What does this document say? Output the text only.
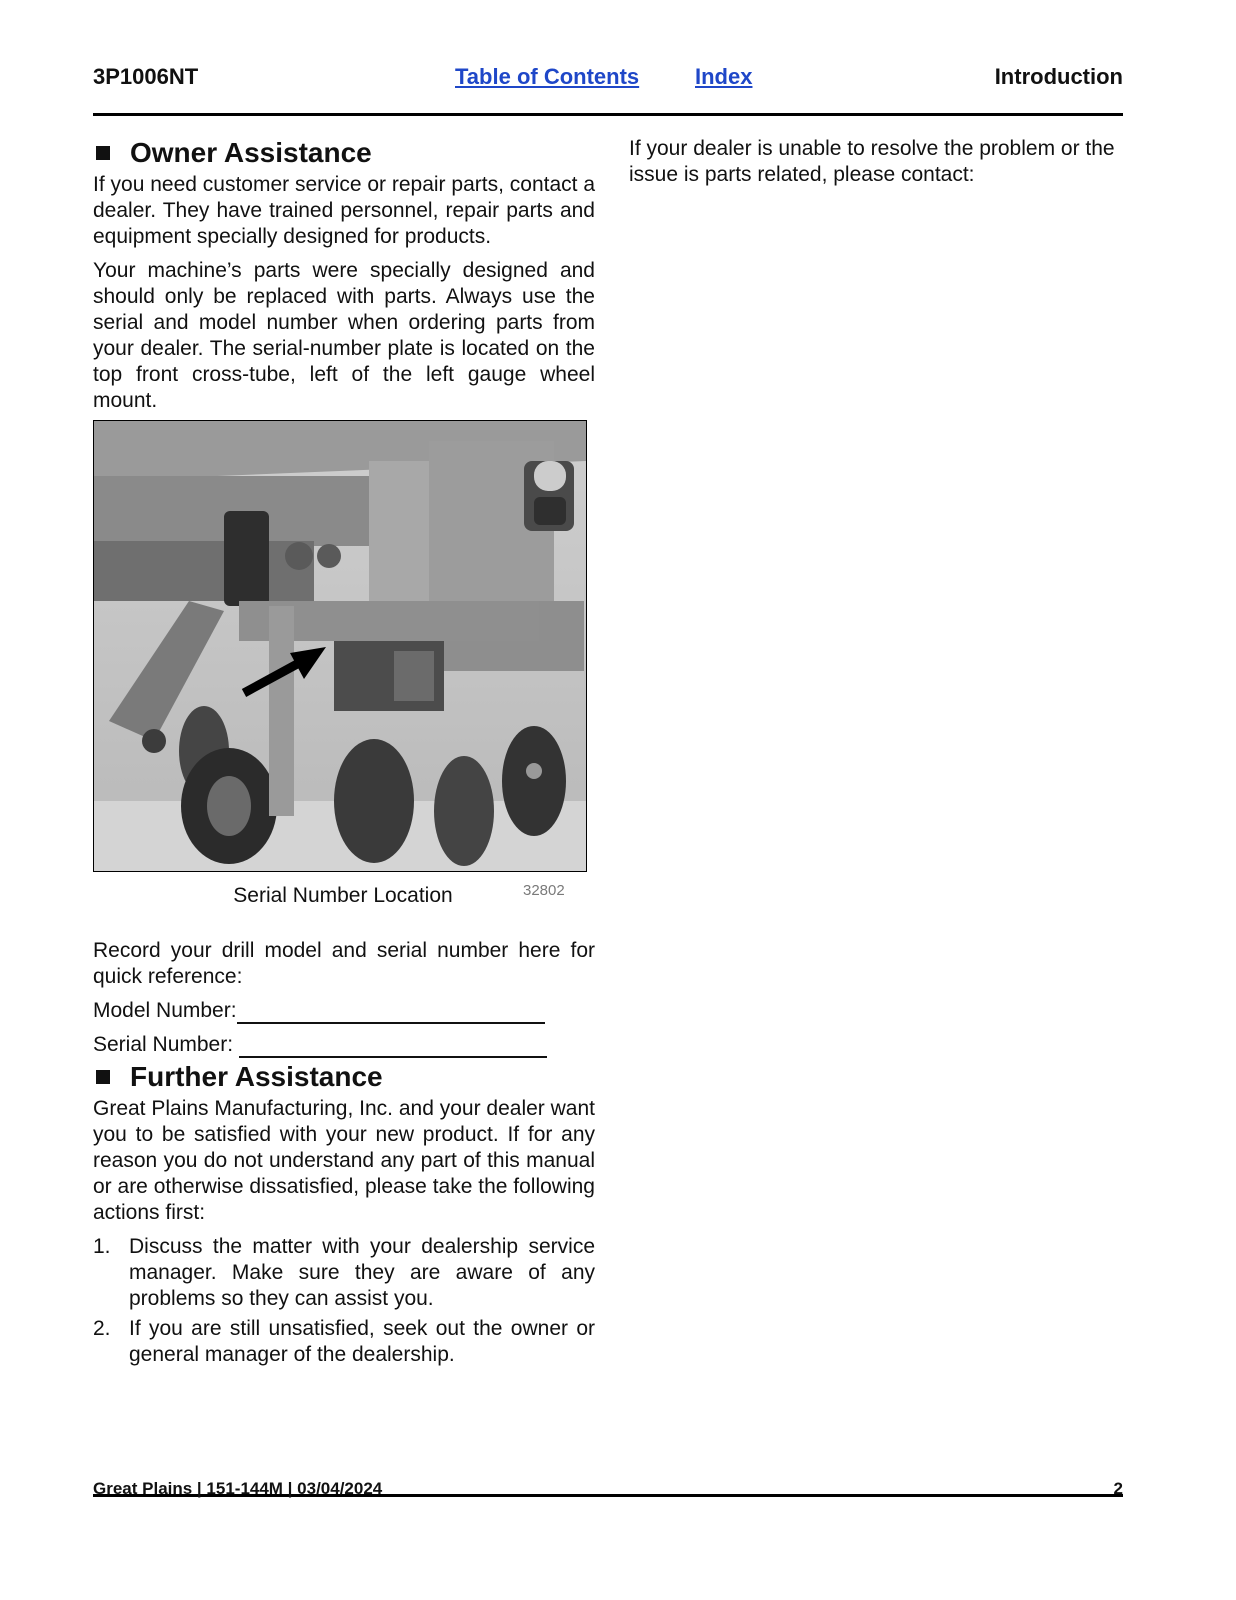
3P1006NT	Table of Contents	Index	Introduction
Owner Assistance

If you need customer service or repair parts, contact a dealer. They have trained personnel, repair parts and equipment specially designed for products.

Your machine’s parts were specially designed and should only be replaced with parts. Always use the serial and model number when ordering parts from your dealer. The serial-number plate is located on the top front cross-tube, left of the left gauge wheel mount.

Serial Number Location	32802

Record your drill model and serial number here for quick reference:

Model Number:

Serial Number:

Further Assistance

Great Plains Manufacturing, Inc. and your dealer want you to be satisfied with your new product. If for any reason you do not understand any part of this manual or are otherwise dissatisfied, please take the following actions first:

1. Discuss the matter with your dealership service manager. Make sure they are aware of any problems so they can assist you.
2. If you are still unsatisfied, seek out the owner or general manager of the dealership.

If your dealer is unable to resolve the problem or the issue is parts related, please contact:

Great Plains | 151-144M | 03/04/2024	2
